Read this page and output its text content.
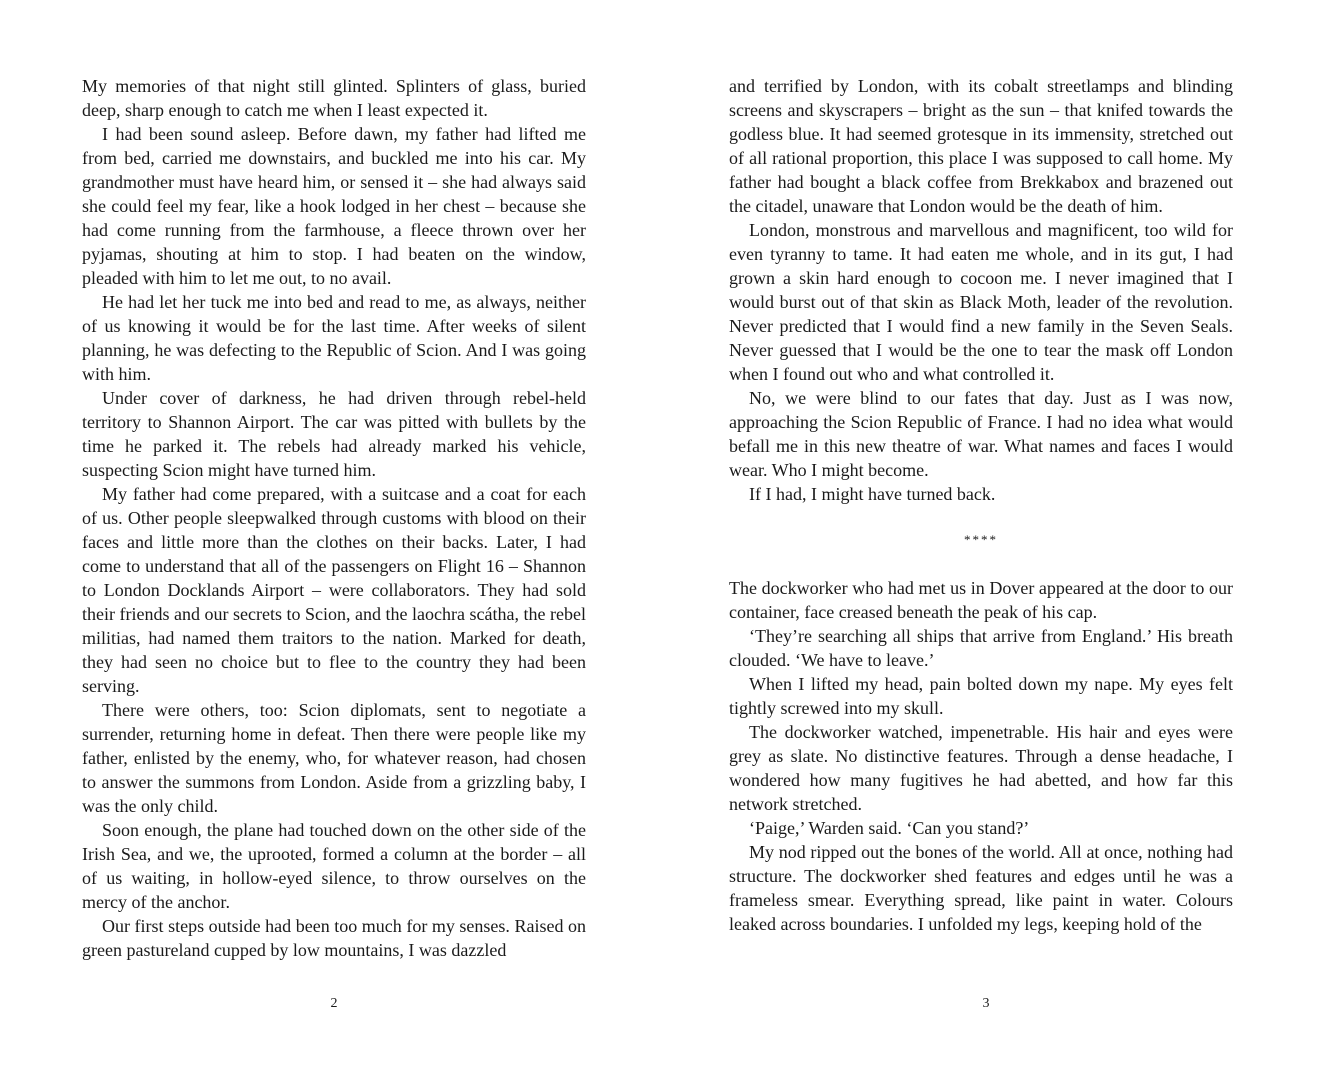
My memories of that night still glinted. Splinters of glass, buried deep, sharp enough to catch me when I least expected it.

I had been sound asleep. Before dawn, my father had lifted me from bed, carried me downstairs, and buckled me into his car. My grandmother must have heard him, or sensed it – she had always said she could feel my fear, like a hook lodged in her chest – because she had come running from the farmhouse, a fleece thrown over her pyjamas, shouting at him to stop. I had beaten on the window, pleaded with him to let me out, to no avail.

He had let her tuck me into bed and read to me, as always, neither of us knowing it would be for the last time. After weeks of silent planning, he was defecting to the Republic of Scion. And I was going with him.

Under cover of darkness, he had driven through rebel-held territory to Shannon Airport. The car was pitted with bullets by the time he parked it. The rebels had already marked his vehicle, suspecting Scion might have turned him.

My father had come prepared, with a suitcase and a coat for each of us. Other people sleepwalked through customs with blood on their faces and little more than the clothes on their backs. Later, I had come to understand that all of the passengers on Flight 16 – Shannon to London Docklands Airport – were collaborators. They had sold their friends and our secrets to Scion, and the laochra scátha, the rebel militias, had named them traitors to the nation. Marked for death, they had seen no choice but to flee to the country they had been serving.

There were others, too: Scion diplomats, sent to negotiate a surrender, returning home in defeat. Then there were people like my father, enlisted by the enemy, who, for whatever reason, had chosen to answer the summons from London. Aside from a grizzling baby, I was the only child.

Soon enough, the plane had touched down on the other side of the Irish Sea, and we, the uprooted, formed a column at the border – all of us waiting, in hollow-eyed silence, to throw ourselves on the mercy of the anchor.

Our first steps outside had been too much for my senses. Raised on green pastureland cupped by low mountains, I was dazzled

2

and terrified by London, with its cobalt streetlamps and blinding screens and skyscrapers – bright as the sun – that knifed towards the godless blue. It had seemed grotesque in its immensity, stretched out of all rational proportion, this place I was supposed to call home. My father had bought a black coffee from Brekkabox and brazened out the citadel, unaware that London would be the death of him.

London, monstrous and marvellous and magnificent, too wild for even tyranny to tame. It had eaten me whole, and in its gut, I had grown a skin hard enough to cocoon me. I never imagined that I would burst out of that skin as Black Moth, leader of the revolution. Never predicted that I would find a new family in the Seven Seals. Never guessed that I would be the one to tear the mask off London when I found out who and what controlled it.

No, we were blind to our fates that day. Just as I was now, approaching the Scion Republic of France. I had no idea what would befall me in this new theatre of war. What names and faces I would wear. Who I might become.

If I had, I might have turned back.

****

The dockworker who had met us in Dover appeared at the door to our container, face creased beneath the peak of his cap.

‘They’re searching all ships that arrive from England.’ His breath clouded. ‘We have to leave.’

When I lifted my head, pain bolted down my nape. My eyes felt tightly screwed into my skull.

The dockworker watched, impenetrable. His hair and eyes were grey as slate. No distinctive features. Through a dense headache, I wondered how many fugitives he had abetted, and how far this network stretched.

‘Paige,’ Warden said. ‘Can you stand?’

My nod ripped out the bones of the world. All at once, nothing had structure. The dockworker shed features and edges until he was a frameless smear. Everything spread, like paint in water. Colours leaked across boundaries. I unfolded my legs, keeping hold of the

3
